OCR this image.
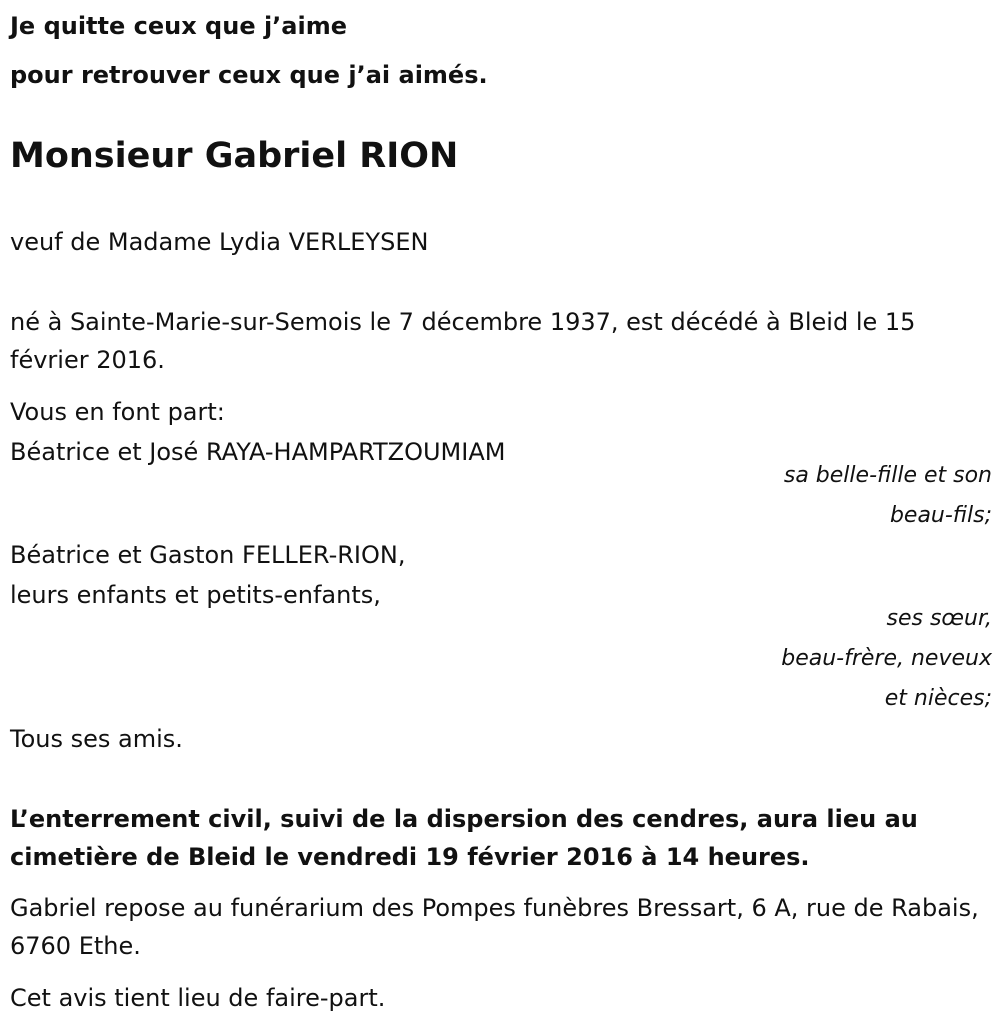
Je quitte ceux que j’aime
pour retrouver ceux que j’ai aimés.
Monsieur Gabriel RION
veuf de Madame Lydia VERLEYSEN
né à Sainte-Marie-sur-Semois le 7 décembre 1937, est décédé à Bleid le 15 février 2016.
Vous en font part:
Béatrice et José RAYA-HAMPARTZOUMIAM
sa belle-fille et son
beau-fils;
Béatrice et Gaston FELLER-RION,
leurs enfants et petits-enfants,
ses sœur,
beau-frère, neveux
et nièces;
Tous ses amis.
L’enterrement civil, suivi de la dispersion des cendres, aura lieu au cimetière de Bleid le vendredi 19 février 2016 à 14 heures.
Gabriel repose au funérarium des Pompes funèbres Bressart, 6 A, rue de Rabais, 6760 Ethe.
Cet avis tient lieu de faire-part.
